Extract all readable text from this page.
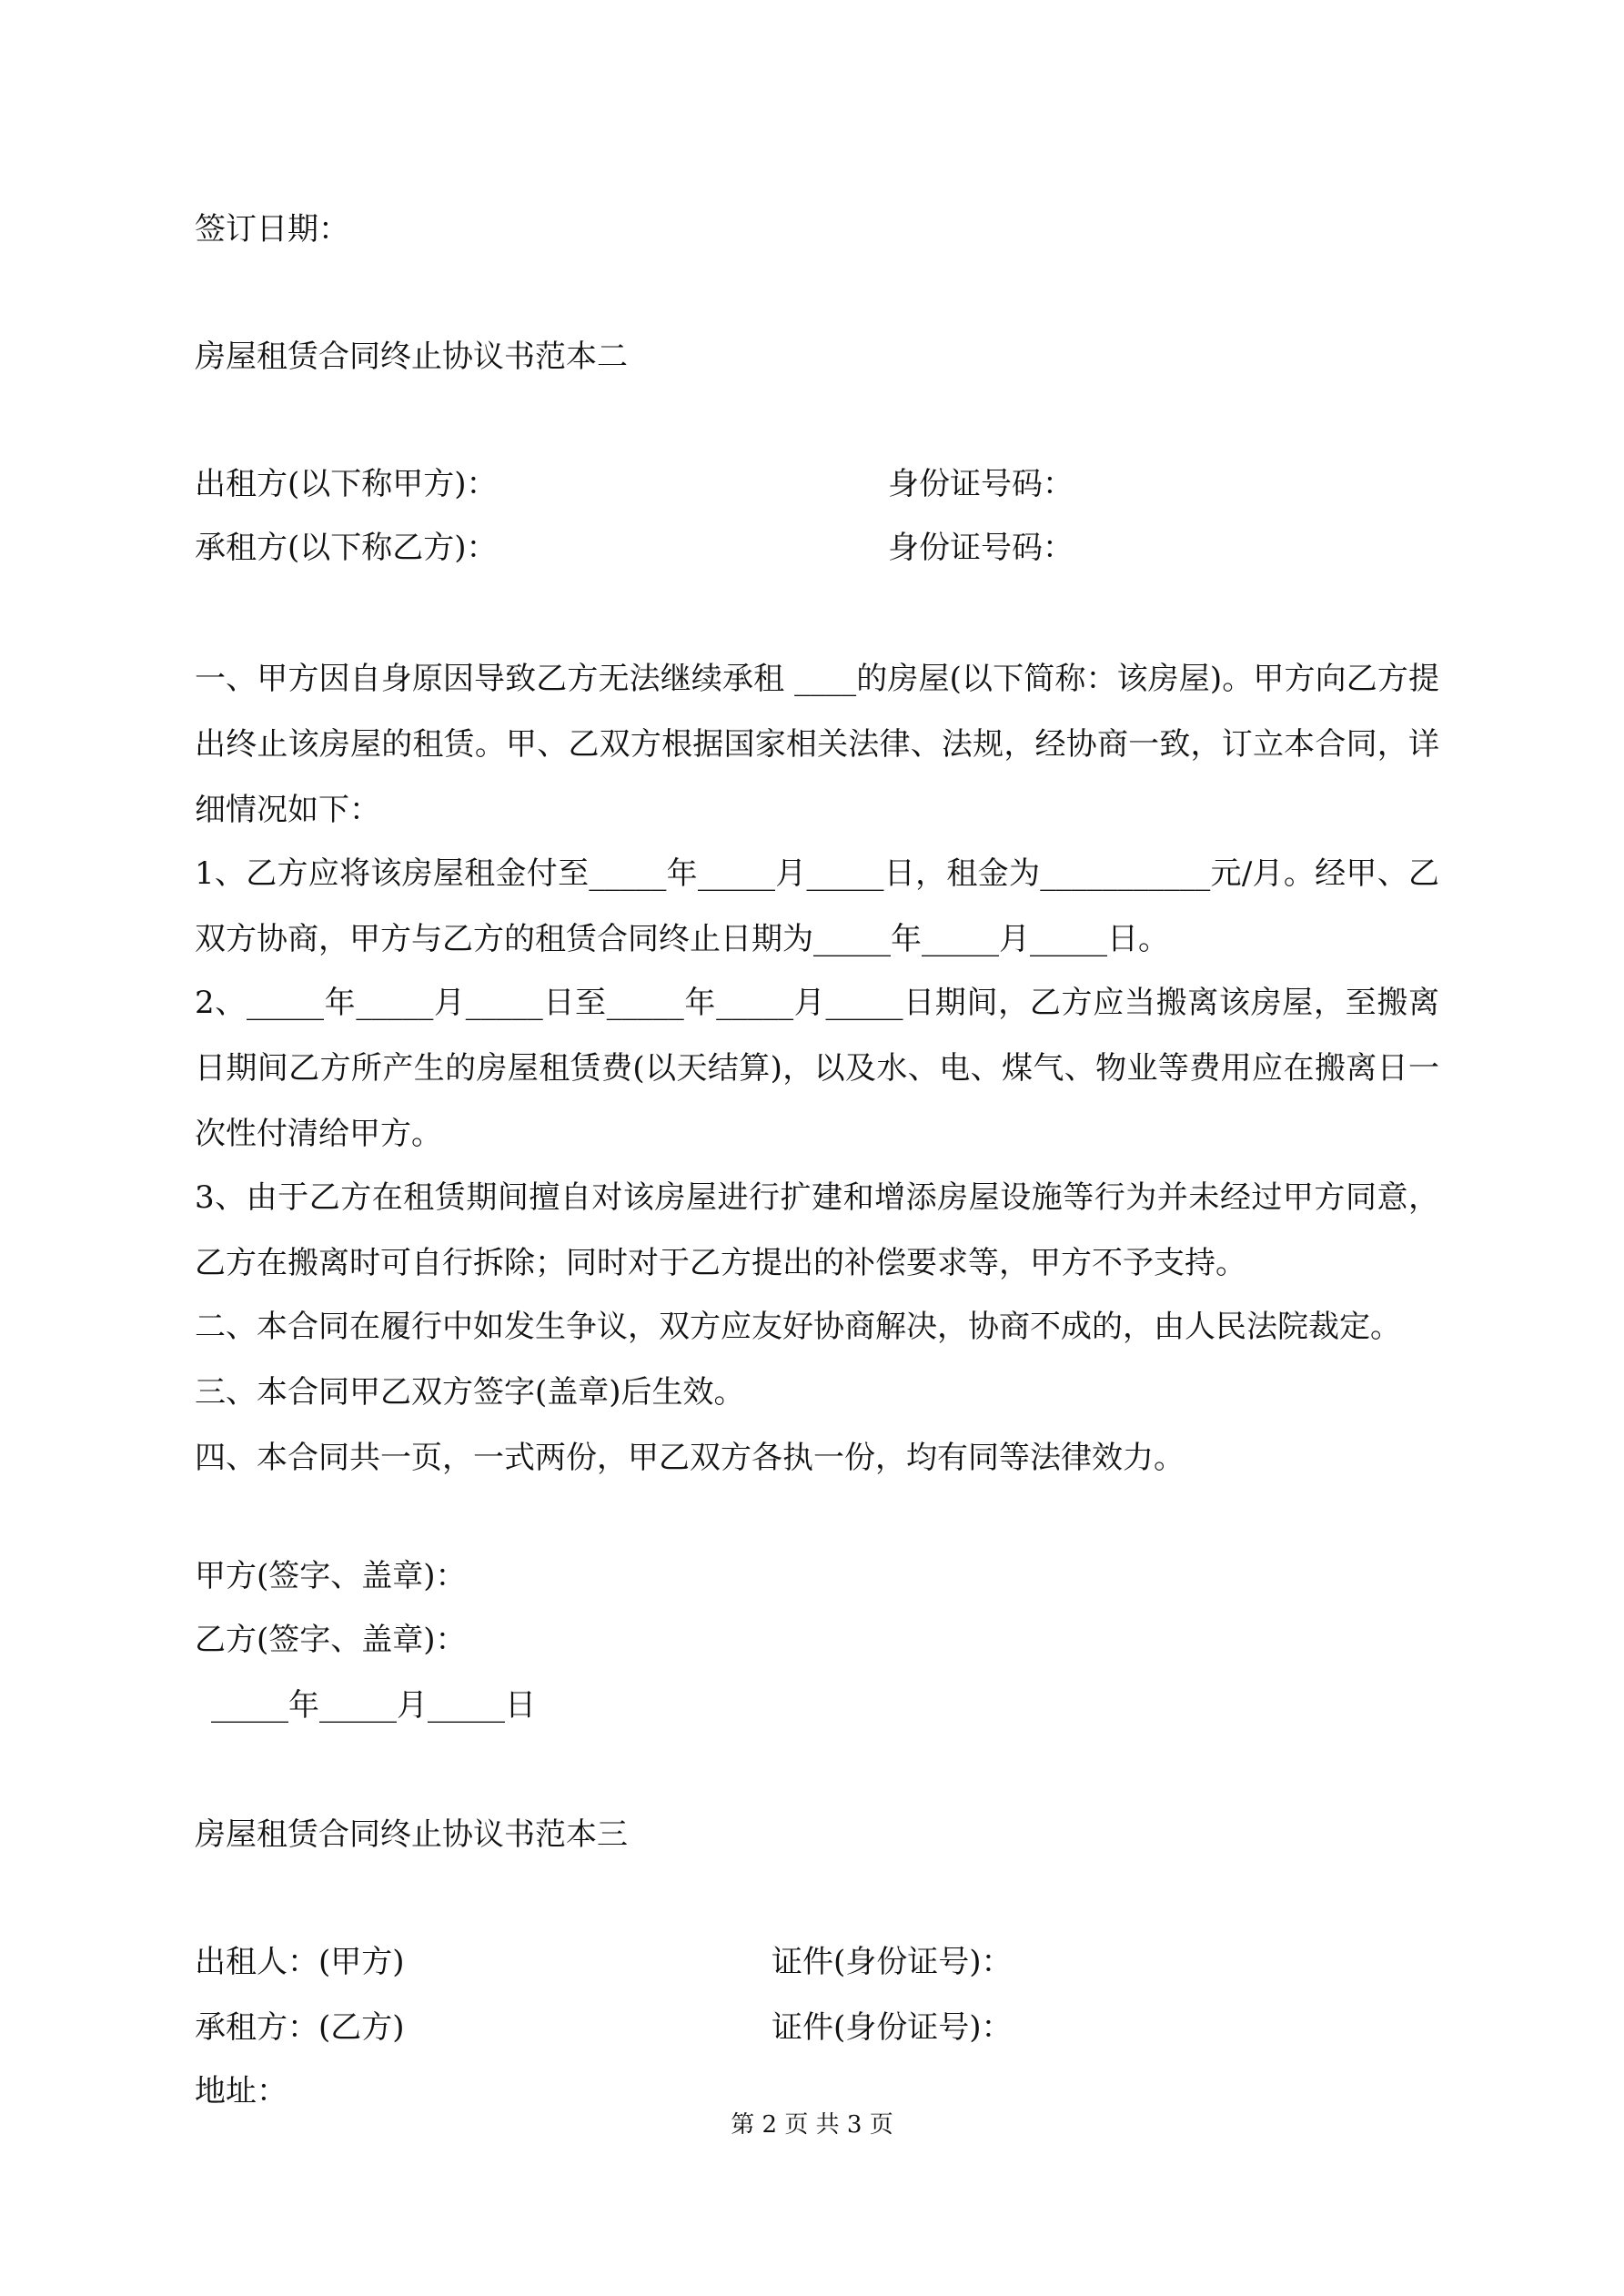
签订日期：
房屋租赁合同终止协议书范本二
出租方(以下称甲方)：	身份证号码：
承租方(以下称乙方)：	身份证号码：
一、甲方因自身原因导致乙方无法继续承租 ____的房屋(以下简称：该房屋)。甲方向乙方提出终止该房屋的租赁。甲、乙双方根据国家相关法律、法规，经协商一致，订立本合同，详细情况如下：
1、乙方应将该房屋租金付至_____年_____月_____日，租金为___________元/月。经甲、乙双方协商，甲方与乙方的租赁合同终止日期为_____年_____月_____日。
2、_____年_____月_____日至_____年_____月_____日期间，乙方应当搬离该房屋，至搬离日期间乙方所产生的房屋租赁费(以天结算)，以及水、电、煤气、物业等费用应在搬离日一次性付清给甲方。
3、由于乙方在租赁期间擅自对该房屋进行扩建和增添房屋设施等行为并未经过甲方同意，乙方在搬离时可自行拆除；同时对于乙方提出的补偿要求等，甲方不予支持。
二、本合同在履行中如发生争议，双方应友好协商解决，协商不成的，由人民法院裁定。
三、本合同甲乙双方签字(盖章)后生效。
四、本合同共一页，一式两份，甲乙双方各执一份，均有同等法律效力。
甲方(签字、盖章)：
乙方(签字、盖章)：
_____年_____月_____日
房屋租赁合同终止协议书范本三
出租人：(甲方)	证件(身份证号)：
承租方：(乙方)	证件(身份证号)：
地址：
第 2 页 共 3 页
